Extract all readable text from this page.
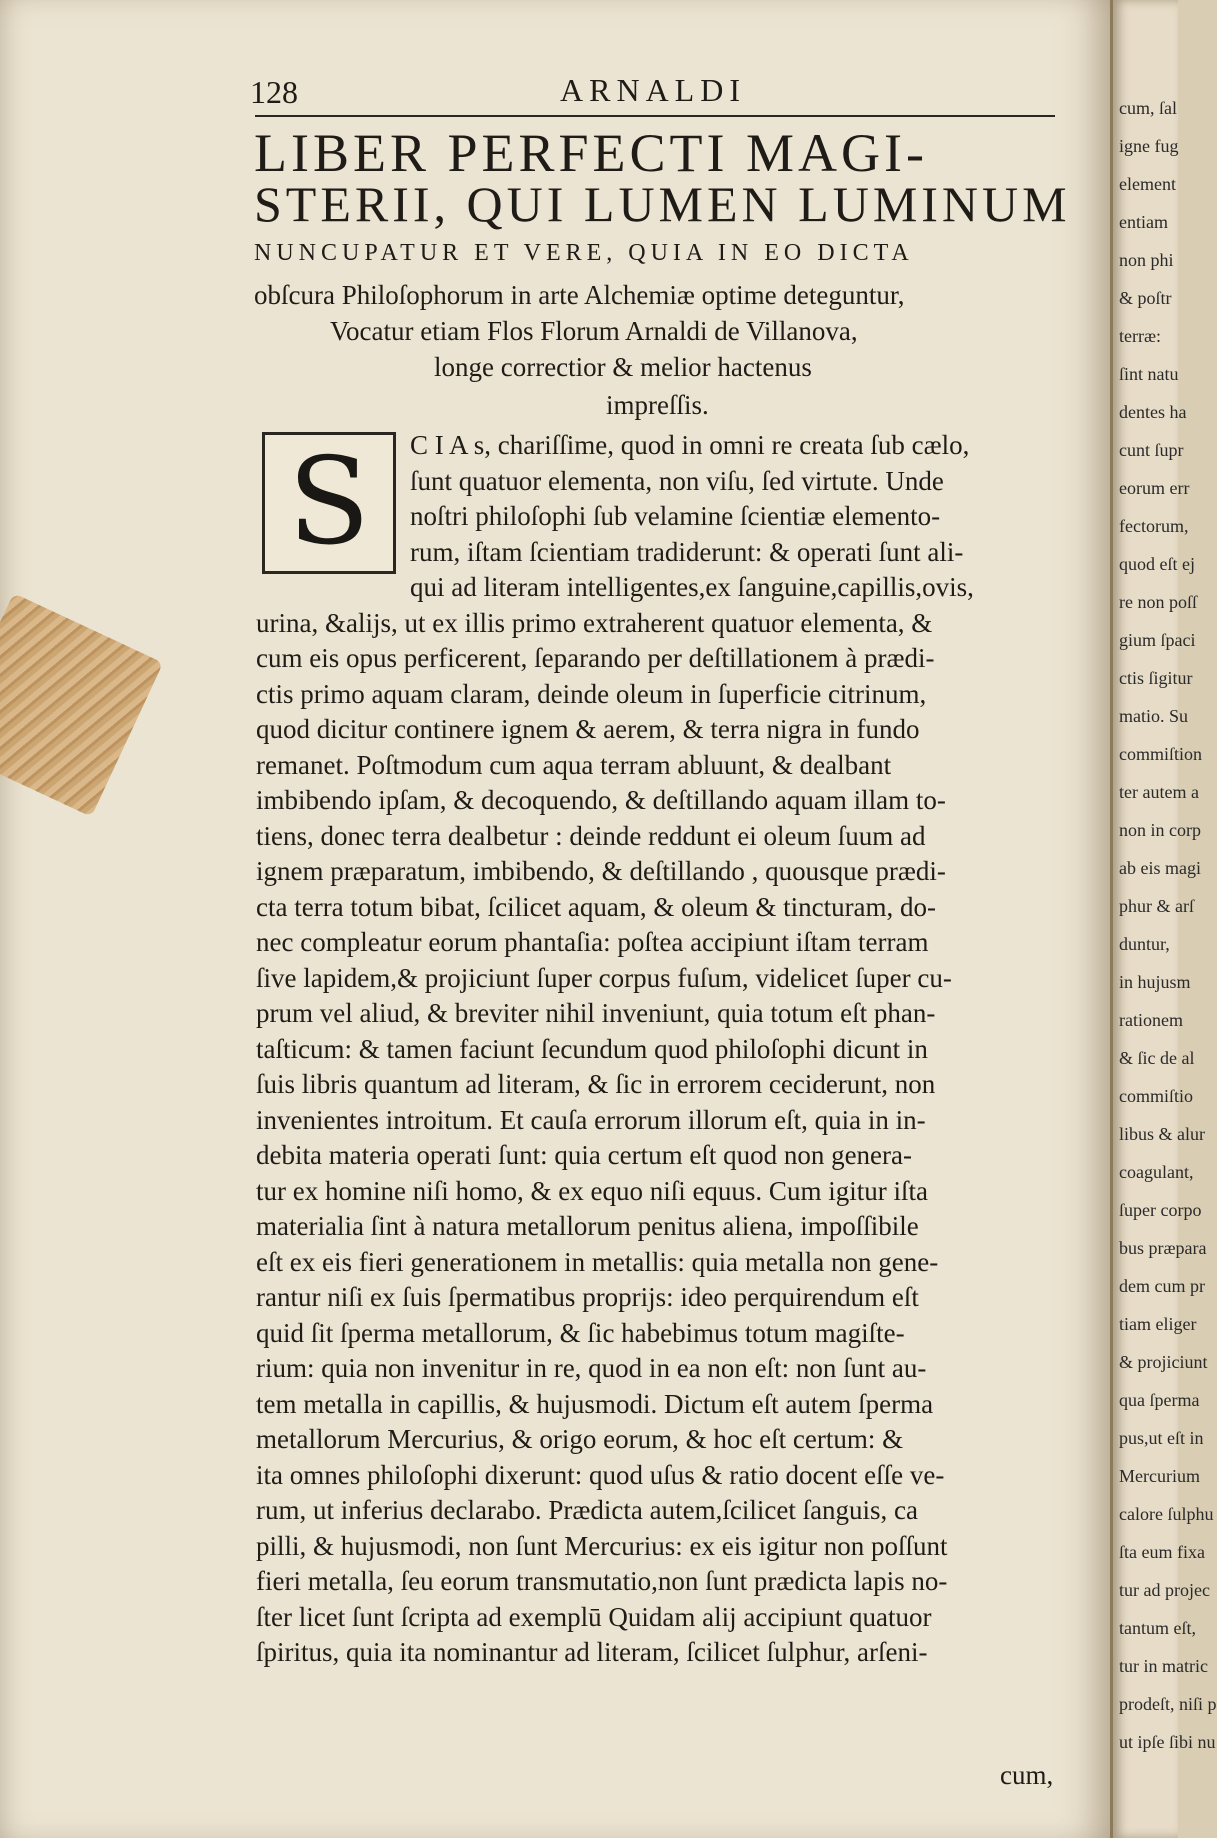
128	ARNALDI
LIBER PERFECTI MAGI-
STERII, QUI LUMEN LUMINUM
NUNCUPATUR ET VERE, QUIA IN EO DICTA
obſcura Philoſophorum in arte Alchemiæ optime deteguntur,
Vocatur etiam Flos Florum Arnaldi de Villanova,
longe correctior & melior hactenus
impreſſis.
S	C I A s, chariſſime, quod in omni re creata ſub cælo,
ſunt quatuor elementa, non viſu, ſed virtute. Unde
noſtri philoſophi ſub velamine ſcientiæ elemento-
rum, iſtam ſcientiam tradiderunt: & operati ſunt ali-
qui ad literam intelligentes,ex ſanguine,capillis,ovis,
urina, &alijs, ut ex illis primo extraherent quatuor elementa, &
cum eis opus perficerent, ſeparando per deſtillationem à prædi-
ctis primo aquam claram, deinde oleum in ſuperficie citrinum,
quod dicitur continere ignem & aerem, & terra nigra in fundo
remanet. Poſtmodum cum aqua terram abluunt, & dealbant
imbibendo ipſam, & decoquendo, & deſtillando aquam illam to-
tiens, donec terra dealbetur : deinde reddunt ei oleum ſuum ad
ignem præparatum, imbibendo, & deſtillando , quousque prædi-
cta terra totum bibat, ſcilicet aquam, & oleum & tincturam, do-
nec compleatur eorum phantaſia: poſtea accipiunt iſtam terram
ſive lapidem,& projiciunt ſuper corpus fuſum, videlicet ſuper cu-
prum vel aliud, & breviter nihil inveniunt, quia totum eſt phan-
taſticum: & tamen faciunt ſecundum quod philoſophi dicunt in
ſuis libris quantum ad literam, & ſic in errorem ceciderunt, non
invenientes introitum. Et cauſa errorum illorum eſt, quia in in-
debita materia operati ſunt: quia certum eſt quod non genera-
tur ex homine niſi homo, & ex equo niſi equus. Cum igitur iſta
materialia ſint à natura metallorum penitus aliena, impoſſibile
eſt ex eis fieri generationem in metallis: quia metalla non gene-
rantur niſi ex ſuis ſpermatibus proprijs: ideo perquirendum eſt
quid ſit ſperma metallorum, & ſic habebimus totum magiſte-
rium: quia non invenitur in re, quod in ea non eſt: non ſunt au-
tem metalla in capillis, & hujusmodi. Dictum eſt autem ſperma
metallorum Mercurius, & origo eorum, & hoc eſt certum: &
ita omnes philoſophi dixerunt: quod uſus & ratio docent eſſe ve-
rum, ut inferius declarabo. Prædicta autem,ſcilicet ſanguis, ca
pilli, & hujusmodi, non ſunt Mercurius: ex eis igitur non poſſunt
fieri metalla, ſeu eorum transmutatio,non ſunt prædicta lapis no-
ſter licet ſunt ſcripta ad exemplū Quidam alij accipiunt quatuor
ſpiritus, quia ita nominantur ad literam, ſcilicet ſulphur, arſeni-
cum,
cum, ſal
igne fug
element
entiam
non phi
& poſtr
terræ:
ſint natu
dentes ha
cunt ſupr
eorum err
fectorum,
quod eſt ej
re non poſſ
gium ſpaci
ctis ſigitur
matio. Su
commiſtion
ter autem a
non in corp
ab eis magi
phur & arſ
duntur,
in hujusm
rationem
& ſic de al
commiſtio
libus & alur
coagulant,
ſuper corpo
bus præpara
dem cum pr
tiam eliger
& projiciunt
qua ſperma
pus,ut eſt in
Mercurium
calore ſulphu
ſta eum fixa
tur ad projec
tantum eſt,
tur in matric
prodeſt, niſi p
ut ipſe ſibi nu
